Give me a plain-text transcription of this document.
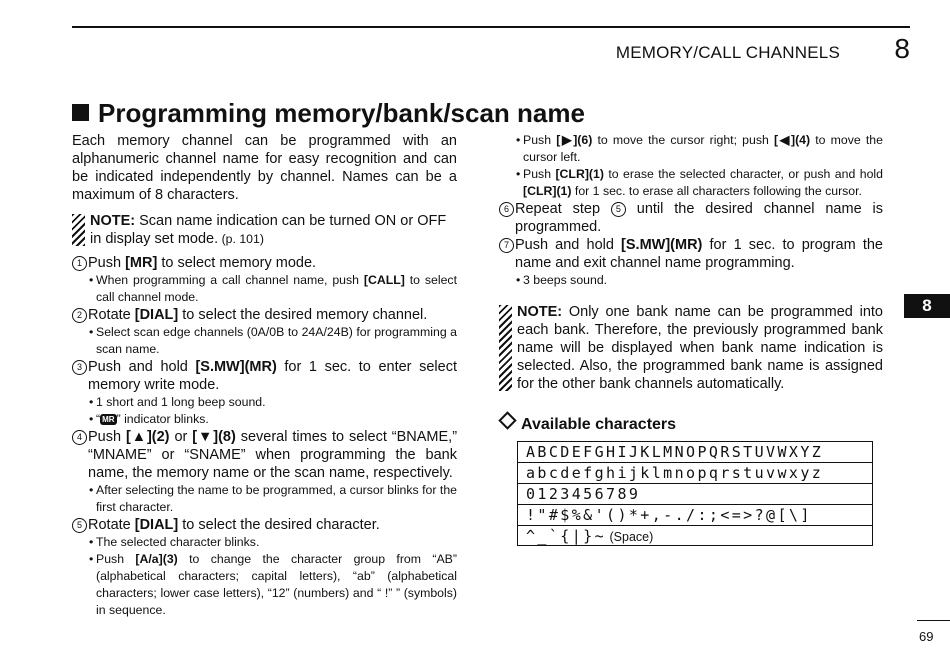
MEMORY/CALL CHANNELS 8
Programming memory/bank/scan name

Each memory channel can be programmed with an alphanumeric channel name for easy recognition and can be indicated independently by channel. Names can be a maximum of 8 characters.

NOTE: Scan name indication can be turned ON or OFF in display set mode. (p. 101)
1 Push [MR] to select memory mode.
• When programming a call channel name, push [CALL] to select call channel mode.
2 Rotate [DIAL] to select the desired memory channel.
• Select scan edge channels (0A/0B to 24A/24B) for programming a scan name.
3 Push and hold [S.MW](MR) for 1 sec. to enter select memory write mode.
• 1 short and 1 long beep sound.
• “ MR ” indicator blinks.
4 Push [▲](2) or [▼](8) several times to select “BNAME,” “MNAME” or “SNAME” when programming the bank name, the memory name or the scan name, respectively.
• After selecting the name to be programmed, a cursor blinks for the first character.
5 Rotate [DIAL] to select the desired character.
• The selected character blinks.
• Push [A/a](3) to change the character group from “AB” (alphabetical characters; capital letters), “ab” (alphabetical characters; lower case letters), “12” (numbers) and “ !” ” (symbols) in sequence.
• Push [▶](6) to move the cursor right; push [◀](4) to move the cursor left.
• Push [CLR](1) to erase the selected character, or push and hold [CLR](1) for 1 sec. to erase all characters following the cursor.
6 Repeat step 5 until the desired channel name is programmed.
7 Push and hold [S.MW](MR) for 1 sec. to program the name and exit channel name programming.
• 3 beeps sound.
NOTE: Only one bank name can be programmed into each bank. Therefore, the previously programmed bank name will be displayed when bank name indication is selected. Also, the programmed bank name is assigned for the other bank channels automatically.
Available characters
ABCDEFGHIJKLMNOPQRSTUVWXYZ
abcdefghijklmnopqrstuvwxyz
0123456789
!"#$%&'()*+,-./:;<=>?@[\]
^_`{|}~ (Space)
8
69
